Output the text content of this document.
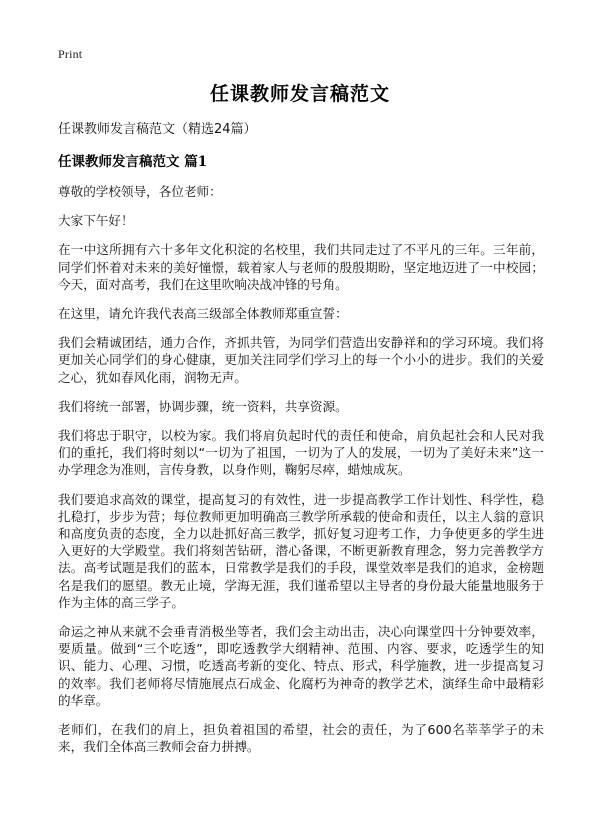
Print
任课教师发言稿范文
任课教师发言稿范文（精选24篇）
任课教师发言稿范文 篇1

尊敬的学校领导，各位老师：

大家下午好！

在一中这所拥有六十多年文化积淀的名校里，我们共同走过了不平凡的三年。三年前，同学们怀着对未来的美好憧憬，载着家人与老师的殷殷期盼，坚定地迈进了一中校园；今天，面对高考，我们在这里吹响决战冲锋的号角。

在这里，请允许我代表高三级部全体教师郑重宣誓：

我们会精诚团结，通力合作，齐抓共管，为同学们营造出安静祥和的学习环境。我们将更加关心同学们的身心健康，更加关注同学们学习上的每一个小小的进步。我们的关爱之心，犹如春风化雨，润物无声。

我们将统一部署，协调步骤，统一资料，共享资源。

我们将忠于职守，以校为家。我们将肩负起时代的责任和使命，肩负起社会和人民对我们的重托，我们将时刻以“一切为了祖国，一切为了人的发展，一切为了美好未来”这一办学理念为准则，言传身教，以身作则，鞠躬尽瘁，蜡烛成灰。

我们要追求高效的课堂，提高复习的有效性，进一步提高教学工作计划性、科学性，稳扎稳打，步步为营；每位教师更加明确高三教学所承载的使命和责任，以主人翁的意识和高度负责的态度，全力以赴抓好高三教学，抓好复习迎考工作，力争使更多的学生进入更好的大学殿堂。我们将刻苦钻研，潜心备课，不断更新教育理念，努力完善教学方法。高考试题是我们的蓝本，日常教学是我们的手段，课堂效率是我们的追求，金榜题名是我们的愿望。教无止境，学海无涯，我们谨希望以主导者的身份最大能量地服务于作为主体的高三学子。

命运之神从来就不会垂青消极坐等者，我们会主动出击，决心向课堂四十分钟要效率，要质量。做到“三个吃透”，即吃透教学大纲精神、范围、内容、要求，吃透学生的知识、能力、心理、习惯，吃透高考新的变化、特点、形式，科学施教，进一步提高复习的效率。我们老师将尽情施展点石成金、化腐朽为神奇的教学艺术，演绎生命中最精彩的华章。

老师们，在我们的肩上，担负着祖国的希望，社会的责任，为了600名莘莘学子的未来，我们全体高三教师会奋力拼搏。
